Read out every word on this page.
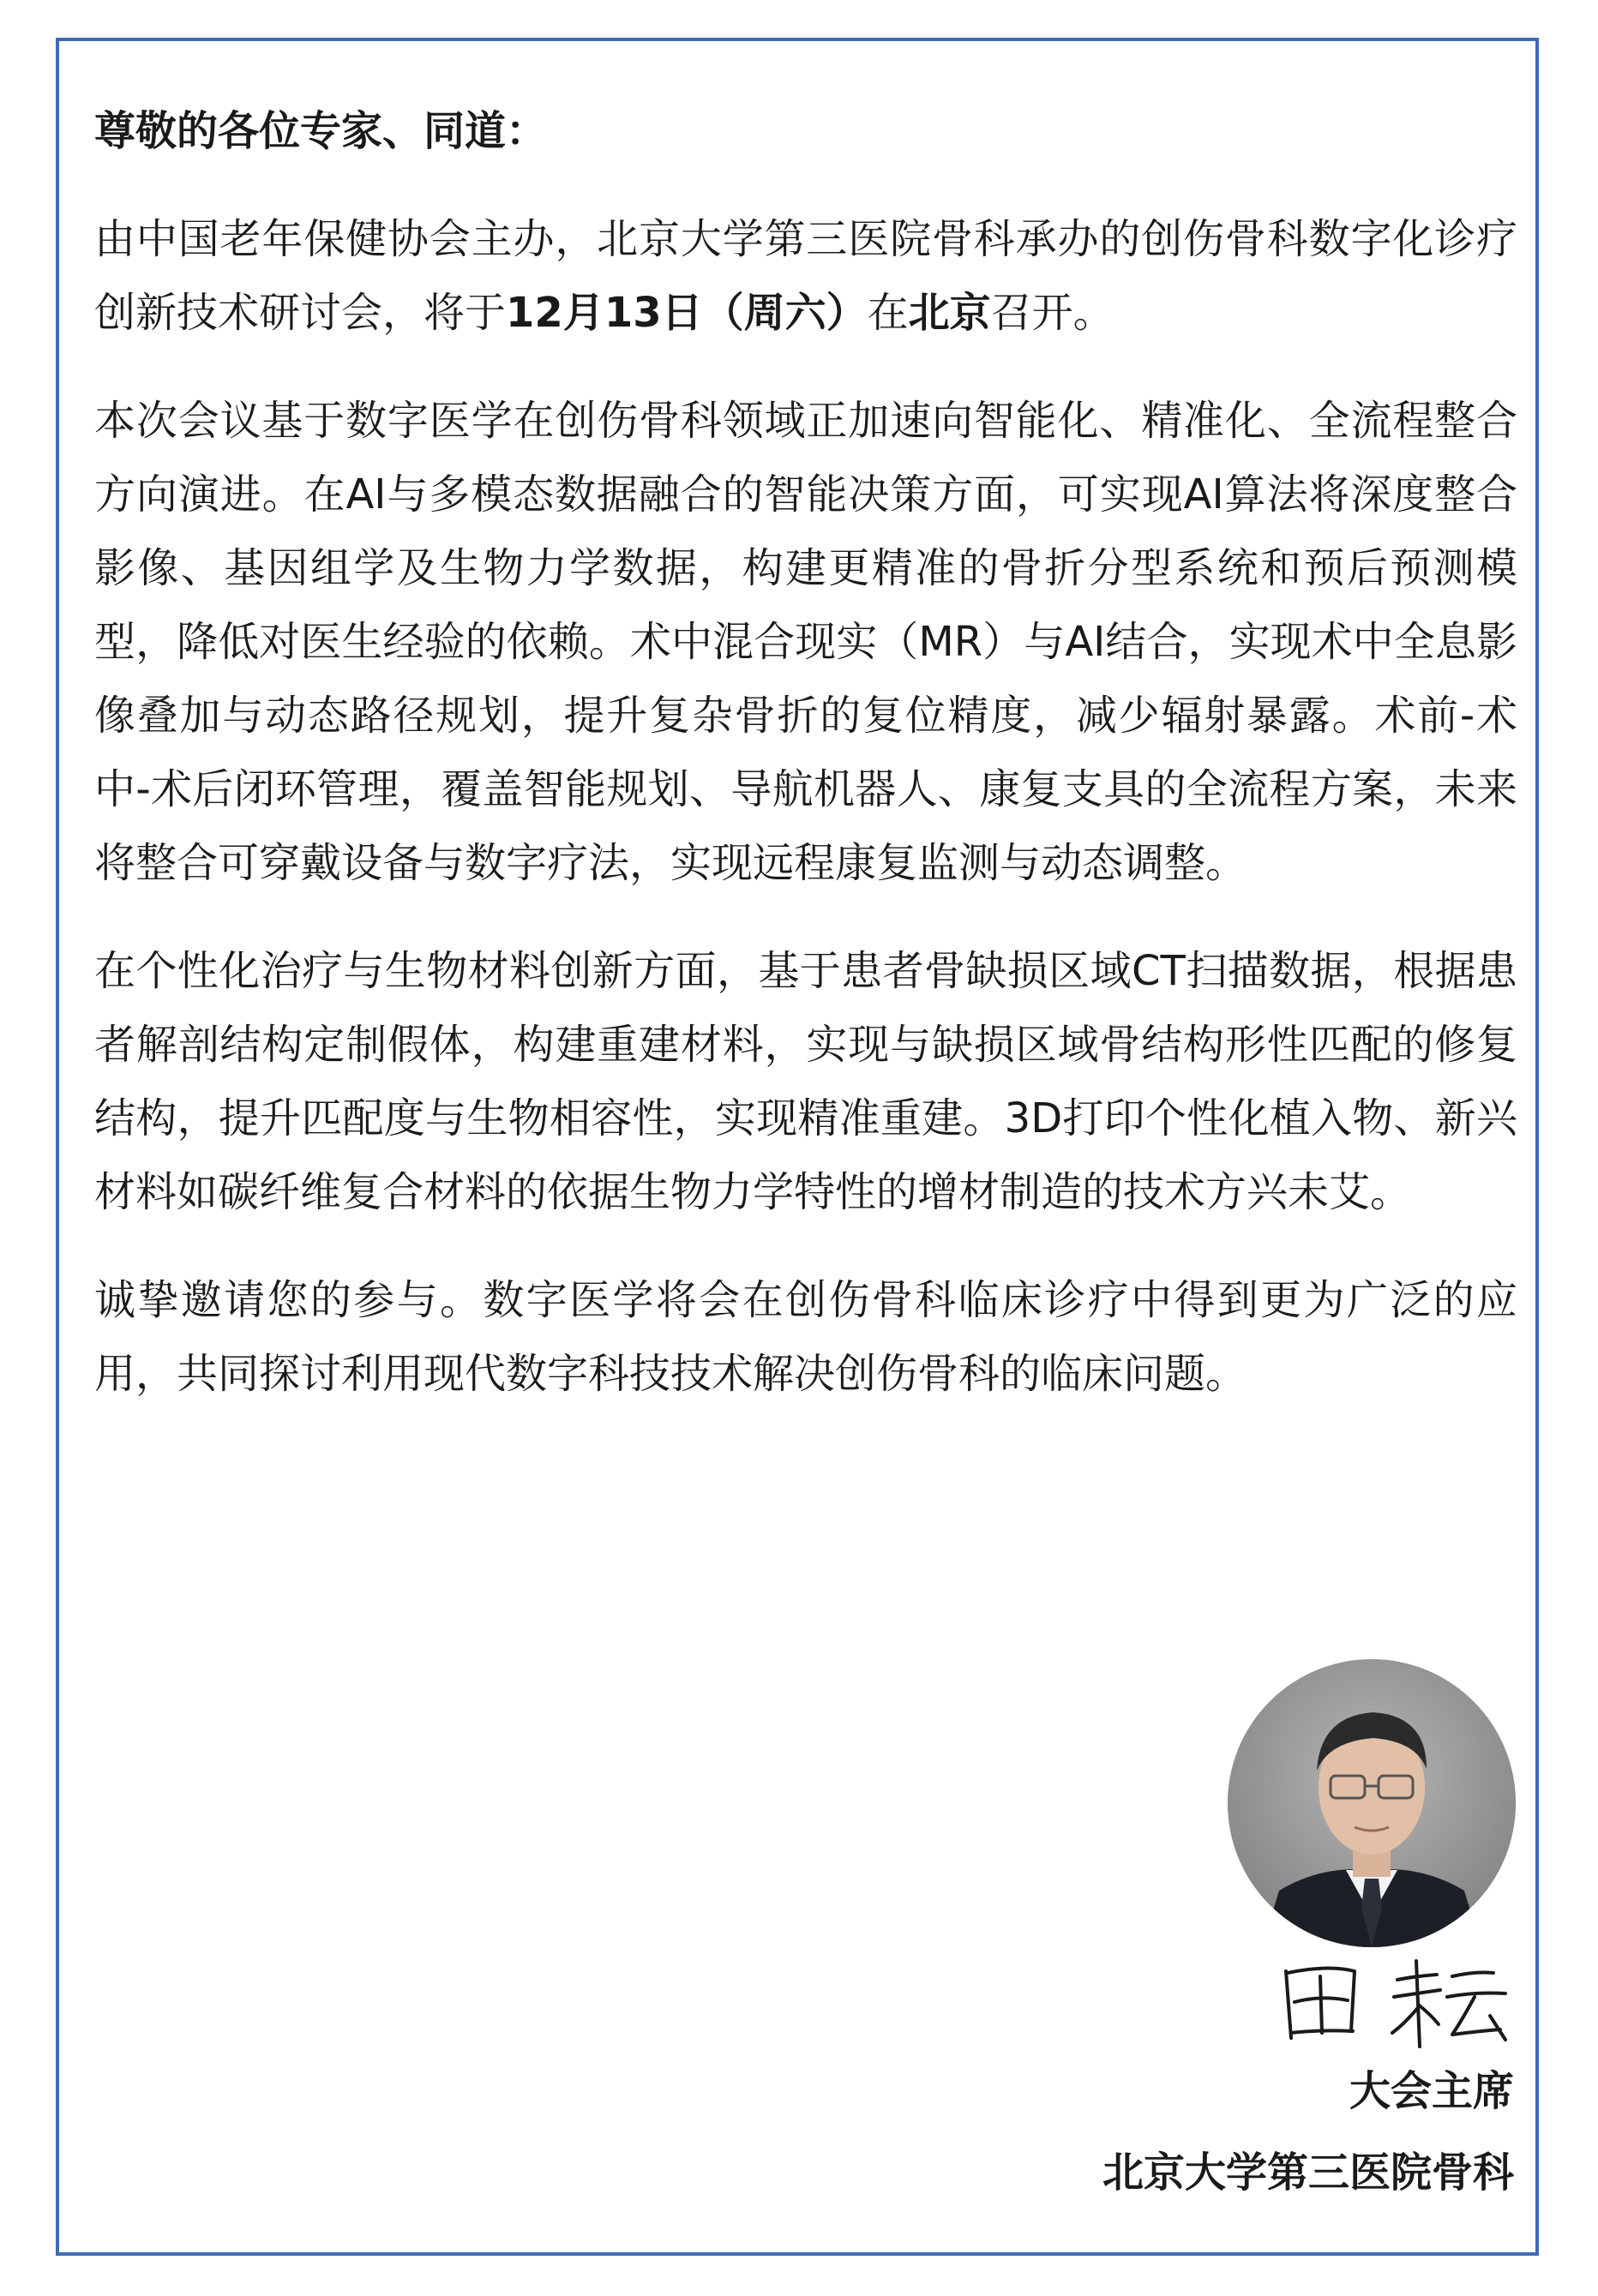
尊敬的各位专家、同道：

由中国老年保健协会主办，北京大学第三医院骨科承办的创伤骨科数字化诊疗创新技术研讨会，将于12月13日（周六）在北京召开。

本次会议基于数字医学在创伤骨科领域正加速向智能化、精准化、全流程整合方向演进。在AI与多模态数据融合的智能决策方面，可实现AI算法将深度整合影像、基因组学及生物力学数据，构建更精准的骨折分型系统和预后预测模型，降低对医生经验的依赖。术中混合现实（MR）与AI结合，实现术中全息影像叠加与动态路径规划，提升复杂骨折的复位精度，减少辐射暴露。术前-术中-术后闭环管理，覆盖智能规划、导航机器人、康复支具的全流程方案，未来将整合可穿戴设备与数字疗法，实现远程康复监测与动态调整。

在个性化治疗与生物材料创新方面，基于患者骨缺损区域CT扫描数据，根据患者解剖结构定制假体，构建重建材料，实现与缺损区域骨结构形性匹配的修复结构，提升匹配度与生物相容性，实现精准重建。3D打印个性化植入物、新兴材料如碳纤维复合材料的依据生物力学特性的增材制造的技术方兴未艾。

诚挚邀请您的参与。数字医学将会在创伤骨科临床诊疗中得到更为广泛的应用，共同探讨利用现代数字科技技术解决创伤骨科的临床问题。

大会主席
北京大学第三医院骨科
